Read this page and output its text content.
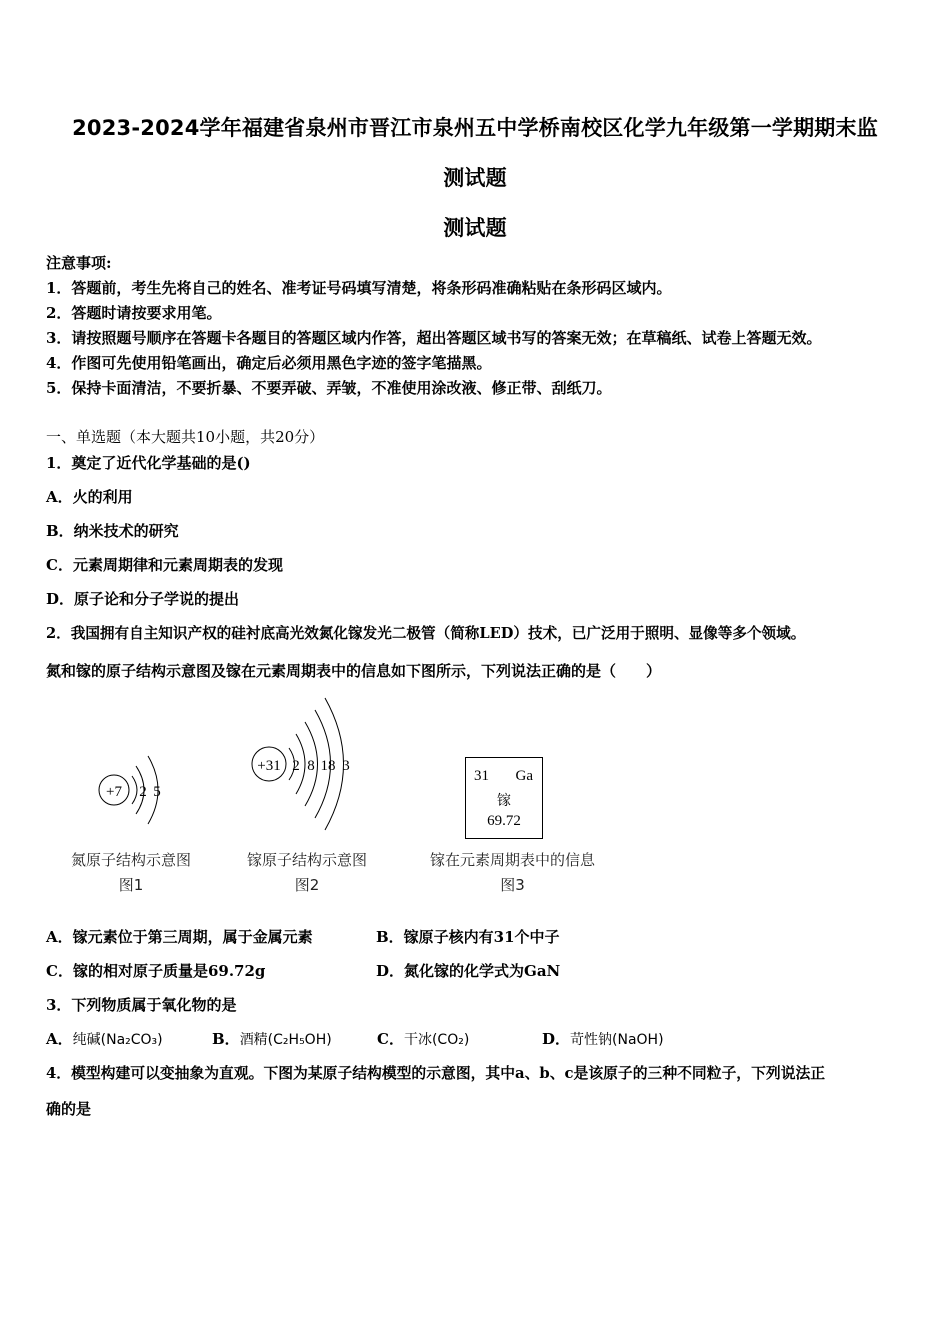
2023-2024学年福建省泉州市晋江市泉州五中学桥南校区化学九年级第一学期期末监
测试题
测试题
注意事项:
1．答题前，考生先将自己的姓名、准考证号码填写清楚，将条形码准确粘贴在条形码区域内。
2．答题时请按要求用笔。
3．请按照题号顺序在答题卡各题目的答题区域内作答，超出答题区域书写的答案无效；在草稿纸、试卷上答题无效。
4．作图可先使用铅笔画出，确定后必须用黑色字迹的签字笔描黑。
5．保持卡面清洁，不要折暴、不要弄破、弄皱，不准使用涂改液、修正带、刮纸刀。
一、单选题（本大题共10小题，共20分）
1．奠定了近代化学基础的是()
A．火的利用
B．纳米技术的研究
C．元素周期律和元素周期表的发现
D．原子论和分子学说的提出
2．我国拥有自主知识产权的硅衬底高光效氮化镓发光二极管（简称LED）技术，已广泛用于照明、显像等多个领域。
氮和镓的原子结构示意图及镓在元素周期表中的信息如下图所示，下列说法正确的是（　　）
+7 2 5
+31 2 8 18 3
31 Ga
镓
69.72
氮原子结构示意图
图1
镓原子结构示意图
图2
镓在元素周期表中的信息
图3
A．镓元素位于第三周期，属于金属元素	B．镓原子核内有31个中子
C．镓的相对原子质量是69.72g	D．氮化镓的化学式为GaN
3．下列物质属于氧化物的是
A．纯碱(Na₂CO₃)	B．酒精(C₂H₅OH)	C．干冰(CO₂)	D．苛性钠(NaOH)
4．模型构建可以变抽象为直观。下图为某原子结构模型的示意图，其中a、b、c是该原子的三种不同粒子，下列说法正
确的是
